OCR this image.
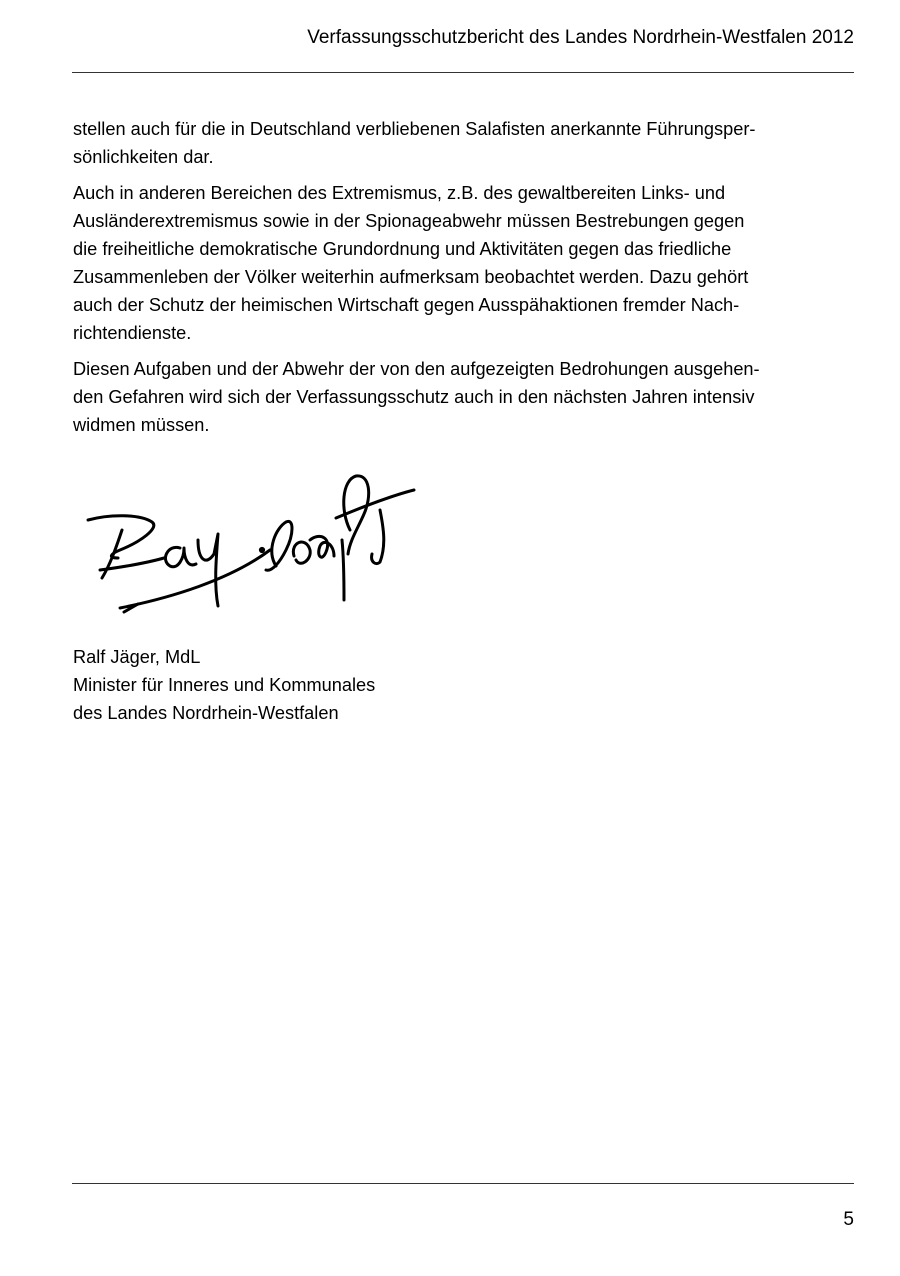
Verfassungsschutzbericht des Landes Nordrhein-Westfalen 2012

stellen auch für die in Deutschland verbliebenen Salafisten anerkannte Führungsper-
sönlichkeiten dar.

Auch in anderen Bereichen des Extremismus, z.B. des gewaltbereiten Links- und
Ausländerextremismus sowie in der Spionageabwehr müssen Bestrebungen gegen
die freiheitliche demokratische Grundordnung und Aktivitäten gegen das friedliche
Zusammenleben der Völker weiterhin aufmerksam beobachtet werden. Dazu gehört
auch der Schutz der heimischen Wirtschaft gegen Ausspähaktionen fremder Nach-
richtendienste.

Diesen Aufgaben und der Abwehr der von den aufgezeigten Bedrohungen ausgehen-
den Gefahren wird sich der Verfassungsschutz auch in den nächsten Jahren intensiv
widmen müssen.

Ralf Jäger, MdL
Minister für Inneres und Kommunales
des Landes Nordrhein-Westfalen
5
